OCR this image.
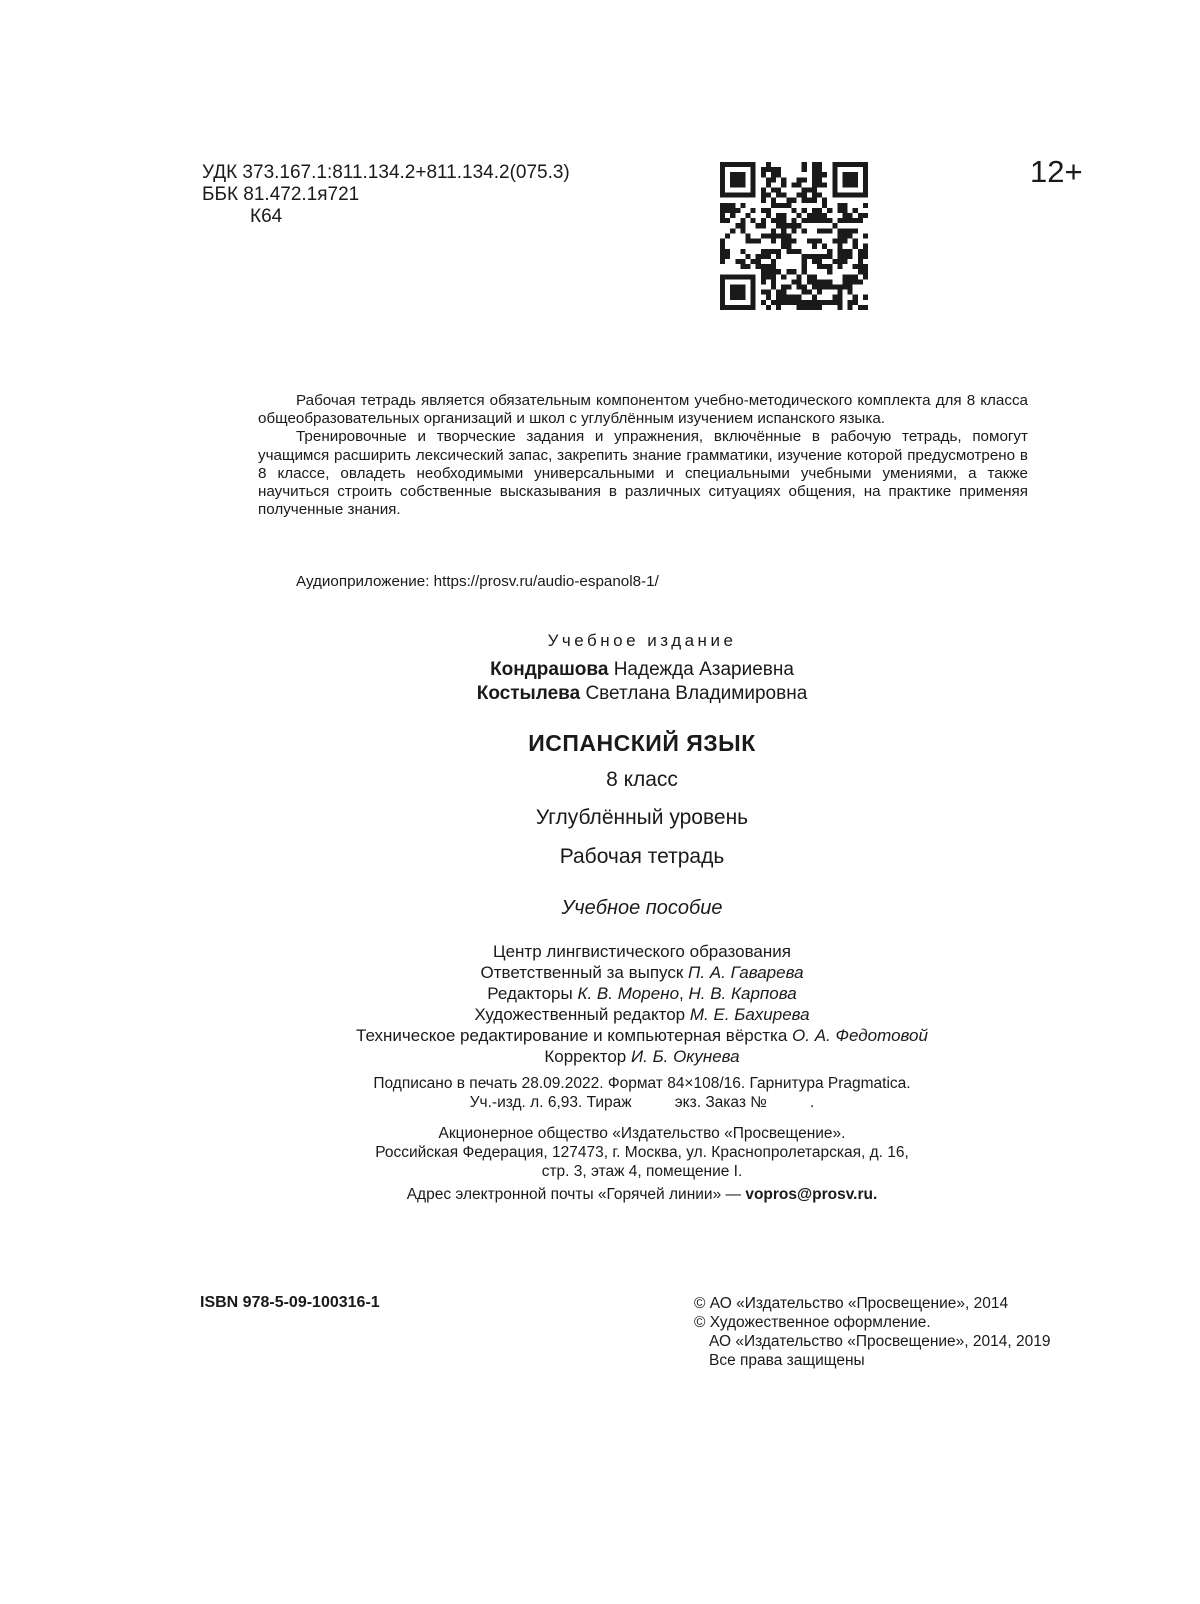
УДК 373.167.1:811.134.2+811.134.2(075.3)
ББК 81.472.1я721
К64
12+

Рабочая тетрадь является обязательным компонентом учебно-методического комплекта для 8 класса общеобразовательных организаций и школ с углублённым изучением испанского языка.

Тренировочные и творческие задания и упражнения, включённые в рабочую тетрадь, помогут учащимся расширить лексический запас, закрепить знание грамматики, изучение которой предусмотрено в 8 классе, овладеть необходимыми универсальными и специальными учебными умениями, а также научиться строить собственные высказывания в различных ситуациях общения, на практике применяя полученные знания.

Аудиоприложение: https://prosv.ru/audio-espanol8-1/
Учебное издание
Кондрашова Надежда Азариевна
Костылева Светлана Владимировна
ИСПАНСКИЙ ЯЗЫК
8 класс
Углублённый уровень
Рабочая тетрадь
Учебное пособие
Центр лингвистического образования
Ответственный за выпуск П. А. Гаварева
Редакторы К. В. Морено, Н. В. Карпова
Художественный редактор М. Е. Бахирева
Техническое редактирование и компьютерная вёрстка О. А. Федотовой
Корректор И. Б. Окунева
Подписано в печать 28.09.2022. Формат 84×108/16. Гарнитура Pragmatica.
Уч.-изд. л. 6,93. Тираж          экз. Заказ №          .
Акционерное общество «Издательство «Просвещение».
Российская Федерация, 127473, г. Москва, ул. Краснопролетарская, д. 16,
стр. 3, этаж 4, помещение I.
Адрес электронной почты «Горячей линии» — vopros@prosv.ru.
ISBN 978-5-09-100316-1	© АО «Издательство «Просвещение», 2014
© Художественное оформление.
АО «Издательство «Просвещение», 2014, 2019
Все права защищены
